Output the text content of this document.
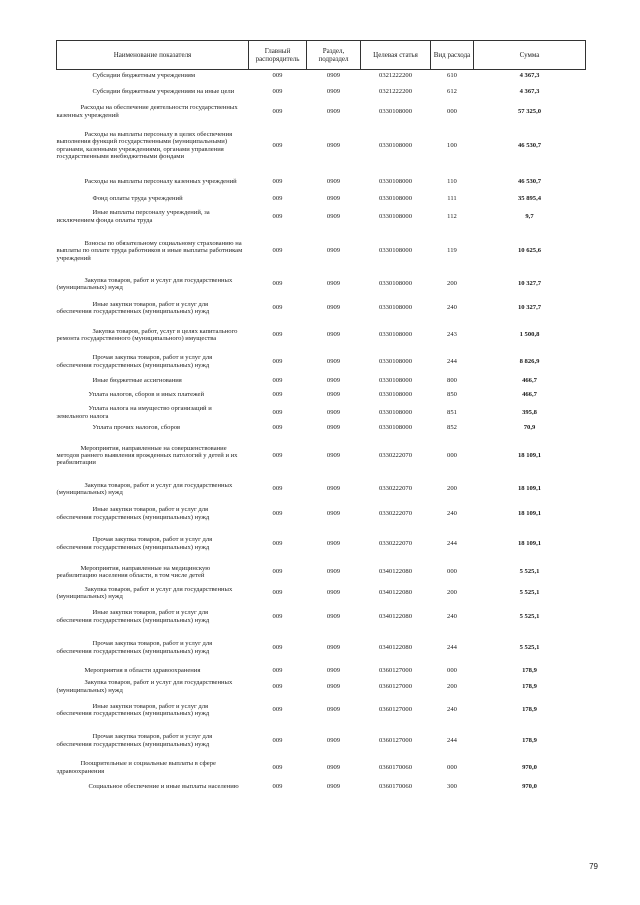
Наименование показателя	Главный распорядитель	Раздел, подраздел	Целевая статья	Вид расхода	Сумма

Субсидии бюджетным учреждениям	009	0909	0321222200	610	4 367,3

Субсидии бюджетным учреждениям на иные цели	009	0909	0321222200	612	4 367,3

Расходы на обеспечение деятельности государственных казенных учреждений	009	0909	0330108000	000	57 325,0

Расходы на выплаты персоналу в целях обеспечения выполнения функций государственными (муниципальными) органами, казенными учреждениями, органами управления государственными внебюджетными фондами	009	0909	0330108000	100	46 530,7

Расходы на выплаты персоналу казенных учреждений	009	0909	0330108000	110	46 530,7

Фонд оплаты труда учреждений	009	0909	0330108000	111	35 895,4

Иные выплаты персоналу учреждений, за исключением фонда оплаты труда	009	0909	0330108000	112	9,7

Взносы по обязательному социальному страхованию на выплаты по оплате труда работников и иные выплаты работникам учреждений	009	0909	0330108000	119	10 625,6

Закупка товаров, работ и услуг для государственных (муниципальных) нужд	009	0909	0330108000	200	10 327,7

Иные закупки товаров, работ и услуг для обеспечения государственных (муниципальных) нужд	009	0909	0330108000	240	10 327,7

Закупка товаров, работ, услуг в целях капитального ремонта государственного (муниципального) имущества	009	0909	0330108000	243	1 500,8

Прочая закупка товаров, работ и услуг для обеспечения государственных (муниципальных) нужд	009	0909	0330108000	244	8 826,9

Иные бюджетные ассигнования	009	0909	0330108000	800	466,7

Уплата налогов, сборов и иных платежей	009	0909	0330108000	850	466,7

Уплата налога на имущество организаций и земельного налога	009	0909	0330108000	851	395,8

Уплата прочих налогов, сборов	009	0909	0330108000	852	70,9

Мероприятия, направленные на совершенствование методов раннего выявления врожденных патологий у детей и их реабилитации	009	0909	0330222070	000	18 109,1

Закупка товаров, работ и услуг для государственных (муниципальных) нужд	009	0909	0330222070	200	18 109,1

Иные закупки товаров, работ и услуг для обеспечения государственных (муниципальных) нужд	009	0909	0330222070	240	18 109,1

Прочая закупка товаров, работ и услуг для обеспечения государственных (муниципальных) нужд	009	0909	0330222070	244	18 109,1

Мероприятия, направленные на медицинскую реабилитацию населения области, в том числе детей	009	0909	0340122080	000	5 525,1

Закупка товаров, работ и услуг для государственных (муниципальных) нужд	009	0909	0340122080	200	5 525,1

Иные закупки товаров, работ и услуг для обеспечения государственных (муниципальных) нужд	009	0909	0340122080	240	5 525,1

Прочая закупка товаров, работ и услуг для обеспечения государственных (муниципальных) нужд	009	0909	0340122080	244	5 525,1

Мероприятия в области здравоохранения	009	0909	0360127000	000	178,9

Закупка товаров, работ и услуг для государственных (муниципальных) нужд	009	0909	0360127000	200	178,9

Иные закупки товаров, работ и услуг для обеспечения государственных (муниципальных) нужд	009	0909	0360127000	240	178,9

Прочая закупка товаров, работ и услуг для обеспечения государственных (муниципальных) нужд	009	0909	0360127000	244	178,9

Поощрительные и социальные выплаты в сфере здравоохранения	009	0909	0360170060	000	970,0

Социальное обеспечение и иные выплаты населению	009	0909	0360170060	300	970,0
79
